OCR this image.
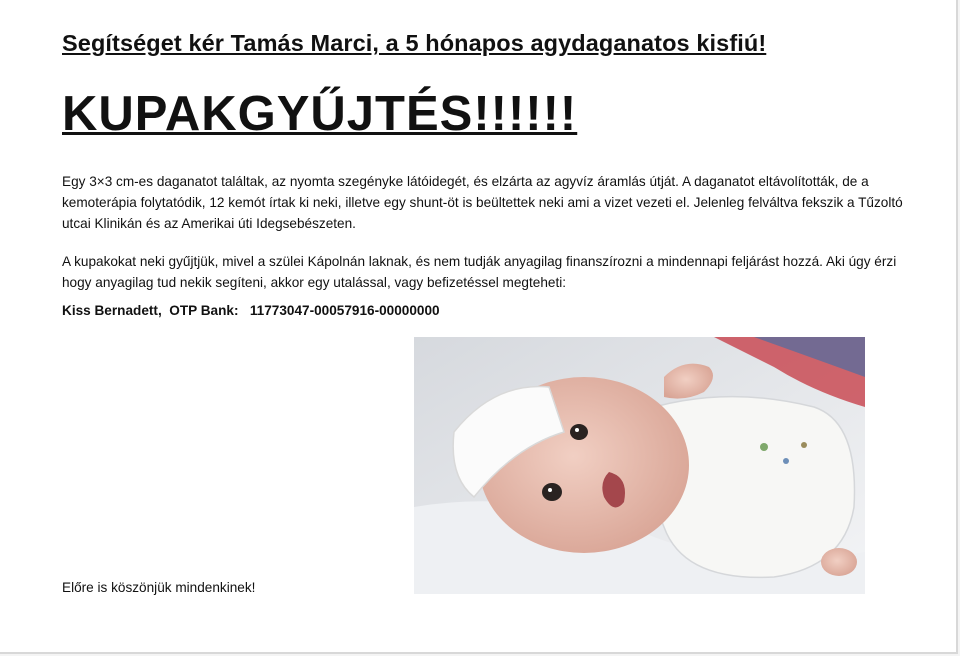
Segítséget kér Tamás Marci, a 5 hónapos agydaganatos kisfiú!
KUPAKGYŰJTÉS!!!!!!

Egy 3×3 cm-es daganatot találtak, az nyomta szegényke látóidegét, és elzárta az agyvíz áramlás útját. A daganatot eltávolították, de a kemoterápia folytatódik, 12 kemót írtak ki neki, illetve egy shunt-öt is beültettek neki ami a vizet vezeti el. Jelenleg felváltva fekszik a Tűzoltó utcai Klinikán és az Amerikai úti Idegsebészeten.

A kupakokat neki gyűjtjük, mivel a szülei Kápolnán laknak, és nem tudják anyagilag finanszírozni a mindennapi feljárást hozzá. Aki úgy érzi hogy anyagilag tud nekik segíteni, akkor egy utalással, vagy befizetéssel megteheti:

Kiss Bernadett,  OTP Bank:   11773047-00057916-00000000
Előre is köszönjük mindenkinek!
